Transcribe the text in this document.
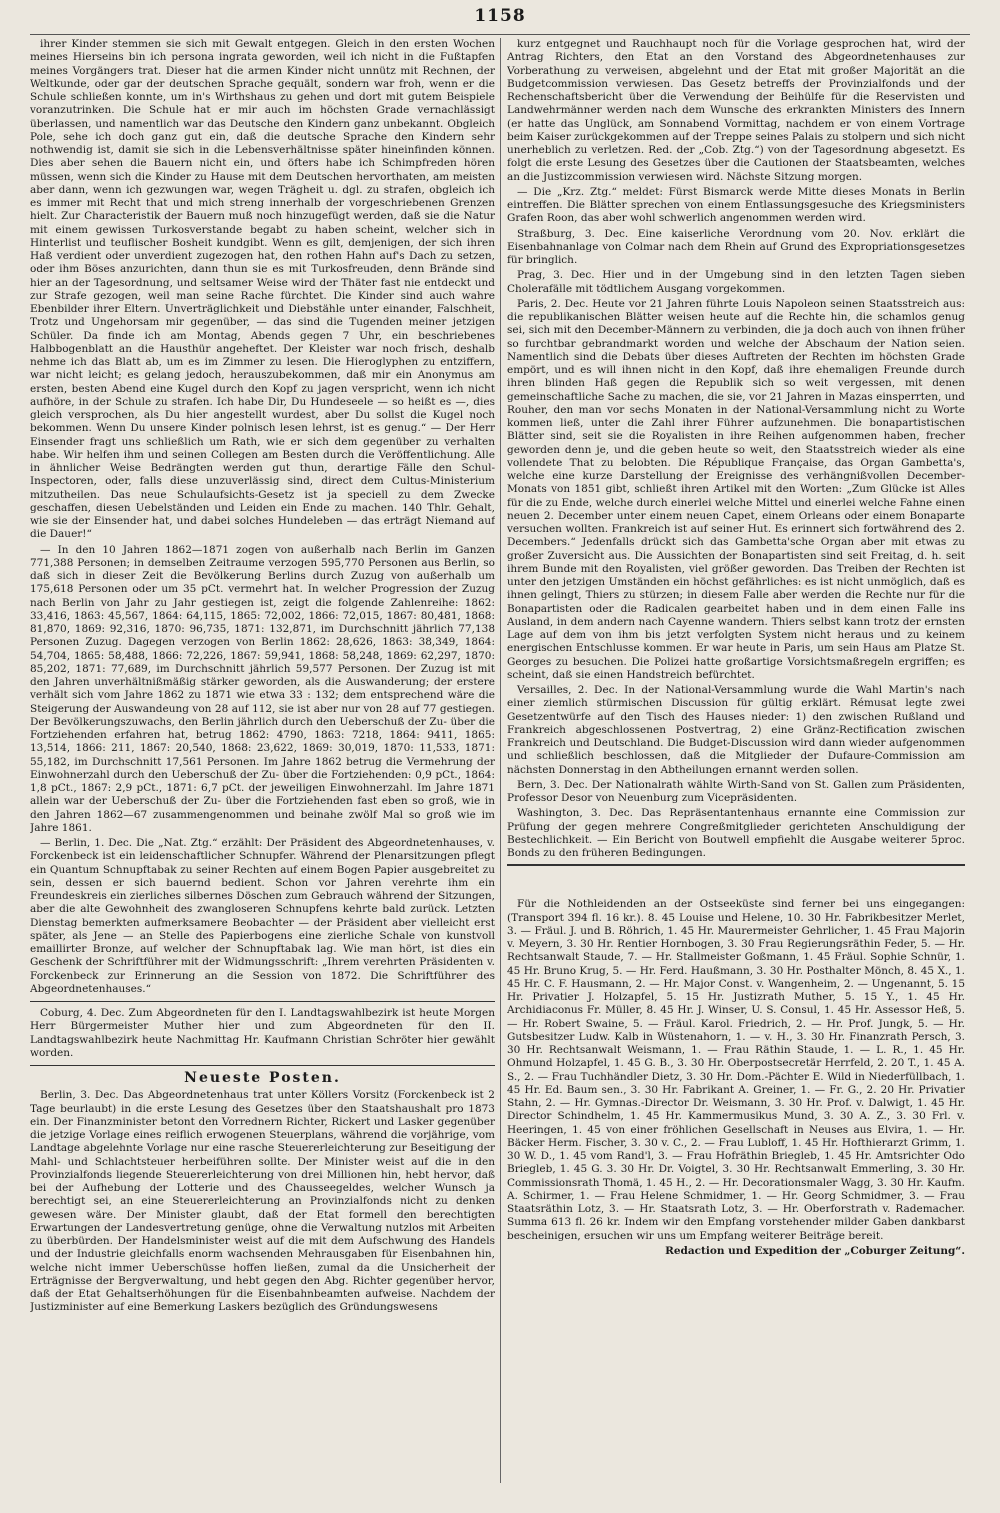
1158

ihrer Kinder stemmen sie sich mit Gewalt entgegen. Gleich in den ersten Wochen meines Hierseins bin ich persona ingrata geworden, weil ich nicht in die Fußtapfen meines Vorgängers trat. Dieser hat die armen Kinder nicht unnütz mit Rechnen, der Weltkunde, oder gar der deutschen Sprache gequält, sondern war froh, wenn er die Schule schließen konnte, um in's Wirthshaus zu gehen und dort mit gutem Beispiele voranzutrinken. Die Schule hat er mir auch im höchsten Grade vernachlässigt überlassen, und namentlich war das Deutsche den Kindern ganz unbekannt. Obgleich Pole, sehe ich doch ganz gut ein, daß die deutsche Sprache den Kindern sehr nothwendig ist, damit sie sich in die Lebensverhältnisse später hineinfinden können. Dies aber sehen die Bauern nicht ein, und öfters habe ich Schimpfreden hören müssen, wenn sich die Kinder zu Hause mit dem Deutschen hervorthaten, am meisten aber dann, wenn ich gezwungen war, wegen Trägheit u. dgl. zu strafen, obgleich ich es immer mit Recht that und mich streng innerhalb der vorgeschriebenen Grenzen hielt. Zur Characteristik der Bauern muß noch hinzugefügt werden, daß sie die Natur mit einem gewissen Turkosverstande begabt zu haben scheint, welcher sich in Hinterlist und teuflischer Bosheit kundgibt. Wenn es gilt, demjenigen, der sich ihren Haß verdient oder unverdient zugezogen hat, den rothen Hahn auf's Dach zu setzen, oder ihm Böses anzurichten, dann thun sie es mit Turkosfreuden, denn Brände sind hier an der Tagesordnung, und seltsamer Weise wird der Thäter fast nie entdeckt und zur Strafe gezogen, weil man seine Rache fürchtet. Die Kinder sind auch wahre Ebenbilder ihrer Eltern. Unverträglichkeit und Diebstähle unter einander, Falschheit, Trotz und Ungehorsam mir gegenüber, — das sind die Tugenden meiner jetzigen Schüler. Da finde ich am Montag, Abends gegen 7 Uhr, ein beschriebenes Halbbogenblatt an die Hausthür angeheftet. Der Kleister war noch frisch, deshalb nehme ich das Blatt ab, um es im Zimmer zu lesen. Die Hieroglyphen zu entziffern, war nicht leicht; es gelang jedoch, herauszubekommen, daß mir ein Anonymus am ersten, besten Abend eine Kugel durch den Kopf zu jagen verspricht, wenn ich nicht aufhöre, in der Schule zu strafen. Ich habe Dir, Du Hundeseele — so heißt es —, dies gleich versprochen, als Du hier angestellt wurdest, aber Du sollst die Kugel noch bekommen. Wenn Du unsere Kinder polnisch lesen lehrst, ist es genug.“ — Der Herr Einsender fragt uns schließlich um Rath, wie er sich dem gegenüber zu verhalten habe. Wir helfen ihm und seinen Collegen am Besten durch die Veröffentlichung. Alle in ähnlicher Weise Bedrängten werden gut thun, derartige Fälle den Schul-Inspectoren, oder, falls diese unzuverlässig sind, direct dem Cultus-Ministerium mitzutheilen. Das neue Schulaufsichts-Gesetz ist ja speciell zu dem Zwecke geschaffen, diesen Uebelständen und Leiden ein Ende zu machen. 140 Thlr. Gehalt, wie sie der Einsender hat, und dabei solches Hundeleben — das erträgt Niemand auf die Dauer!“

— In den 10 Jahren 1862—1871 zogen von außerhalb nach Berlin im Ganzen 771,388 Personen; in demselben Zeitraume verzogen 595,770 Personen aus Berlin, so daß sich in dieser Zeit die Bevölkerung Berlins durch Zuzug von außerhalb um 175,618 Personen oder um 35 pCt. vermehrt hat. In welcher Progression der Zuzug nach Berlin von Jahr zu Jahr gestiegen ist, zeigt die folgende Zahlenreihe: 1862: 33,416, 1863: 45,567, 1864: 64,115, 1865: 72,002, 1866: 72,015, 1867: 80,481, 1868: 81,870, 1869: 92,316, 1870: 96,735, 1871: 132,871, im Durchschnitt jährlich 77,138 Personen Zuzug. Dagegen verzogen von Berlin 1862: 28,626, 1863: 38,349, 1864: 54,704, 1865: 58,488, 1866: 72,226, 1867: 59,941, 1868: 58,248, 1869: 62,297, 1870: 85,202, 1871: 77,689, im Durchschnitt jährlich 59,577 Personen. Der Zuzug ist mit den Jahren unverhältnißmäßig stärker geworden, als die Auswanderung; der erstere verhält sich vom Jahre 1862 zu 1871 wie etwa 33 : 132; dem entsprechend wäre die Steigerung der Auswandeung von 28 auf 112, sie ist aber nur von 28 auf 77 gestiegen. Der Bevölkerungszuwachs, den Berlin jährlich durch den Ueberschuß der Zu- über die Fortziehenden erfahren hat, betrug 1862: 4790, 1863: 7218, 1864: 9411, 1865: 13,514, 1866: 211, 1867: 20,540, 1868: 23,622, 1869: 30,019, 1870: 11,533, 1871: 55,182, im Durchschnitt 17,561 Personen. Im Jahre 1862 betrug die Vermehrung der Einwohnerzahl durch den Ueberschuß der Zu- über die Fortziehenden: 0,9 pCt., 1864: 1,8 pCt., 1867: 2,9 pCt., 1871: 6,7 pCt. der jeweiligen Einwohnerzahl. Im Jahre 1871 allein war der Ueberschuß der Zu- über die Fortziehenden fast eben so groß, wie in den Jahren 1862—67 zusammengenommen und beinahe zwölf Mal so groß wie im Jahre 1861.

— Berlin, 1. Dec. Die „Nat. Ztg.“ erzählt: Der Präsident des Abgeordnetenhauses, v. Forckenbeck ist ein leidenschaftlicher Schnupfer. Während der Plenarsitzungen pflegt ein Quantum Schnupftabak zu seiner Rechten auf einem Bogen Papier ausgebreitet zu sein, dessen er sich bauernd bedient. Schon vor Jahren verehrte ihm ein Freundeskreis ein zierliches silbernes Döschen zum Gebrauch während der Sitzungen, aber die alte Gewohnheit des zwangloseren Schnupfens kehrte bald zurück. Letzten Dienstag bemerkten aufmerksamere Beobachter — der Präsident aber vielleicht erst später, als Jene — an Stelle des Papierbogens eine zierliche Schale von kunstvoll emaillirter Bronze, auf welcher der Schnupftabak lag. Wie man hört, ist dies ein Geschenk der Schriftführer mit der Widmungsschrift: „Ihrem verehrten Präsidenten v. Forckenbeck zur Erinnerung an die Session von 1872. Die Schriftführer des Abgeordnetenhauses.“

Coburg, 4. Dec. Zum Abgeordneten für den I. Landtagswahlbezirk ist heute Morgen Herr Bürgermeister Muther hier und zum Abgeordneten für den II. Landtagswahlbezirk heute Nachmittag Hr. Kaufmann Christian Schröter hier gewählt worden.

Neueste Posten.

Berlin, 3. Dec. Das Abgeordnetenhaus trat unter Köllers Vorsitz (Forckenbeck ist 2 Tage beurlaubt) in die erste Lesung des Gesetzes über den Staatshaushalt pro 1873 ein. Der Finanzminister betont den Vorrednern Richter, Rickert und Lasker gegenüber die jetzige Vorlage eines reiflich erwogenen Steuerplans, während die vorjährige, vom Landtage abgelehnte Vorlage nur eine rasche Steuererleichterung zur Beseitigung der Mahl- und Schlachtsteuer herbeiführen sollte. Der Minister weist auf die in den Provinzialfonds liegende Steuererleichterung von drei Millionen hin, hebt hervor, daß bei der Aufhebung der Lotterie und des Chausseegeldes, welcher Wunsch ja berechtigt sei, an eine Steuererleichterung an Provinzialfonds nicht zu denken gewesen wäre. Der Minister glaubt, daß der Etat formell den berechtigten Erwartungen der Landesvertretung genüge, ohne die Verwaltung nutzlos mit Arbeiten zu überbürden. Der Handelsminister weist auf die mit dem Aufschwung des Handels und der Industrie gleichfalls enorm wachsenden Mehrausgaben für Eisenbahnen hin, welche nicht immer Ueberschüsse hoffen ließen, zumal da die Unsicherheit der Erträgnisse der Bergverwaltung, und hebt gegen den Abg. Richter gegenüber hervor, daß der Etat Gehaltserhöhungen für die Eisenbahnbeamten aufweise. Nachdem der Justizminister auf eine Bemerkung Laskers bezüglich des Gründungswesens

kurz entgegnet und Rauchhaupt noch für die Vorlage gesprochen hat, wird der Antrag Richters, den Etat an den Vorstand des Abgeordnetenhauses zur Vorberathung zu verweisen, abgelehnt und der Etat mit großer Majorität an die Budgetcommission verwiesen. Das Gesetz betreffs der Provinzialfonds und der Rechenschaftsbericht über die Verwendung der Beihülfe für die Reservisten und Landwehrmänner werden nach dem Wunsche des erkrankten Ministers des Innern (er hatte das Unglück, am Sonnabend Vormittag, nachdem er von einem Vortrage beim Kaiser zurückgekommen auf der Treppe seines Palais zu stolpern und sich nicht unerheblich zu verletzen. Red. der „Cob. Ztg.“) von der Tagesordnung abgesetzt. Es folgt die erste Lesung des Gesetzes über die Cautionen der Staatsbeamten, welches an die Justizcommission verwiesen wird. Nächste Sitzung morgen.

— Die „Krz. Ztg.“ meldet: Fürst Bismarck werde Mitte dieses Monats in Berlin eintreffen. Die Blätter sprechen von einem Entlassungsgesuche des Kriegsministers Grafen Roon, das aber wohl schwerlich angenommen werden wird.

Straßburg, 3. Dec. Eine kaiserliche Verordnung vom 20. Nov. erklärt die Eisenbahnanlage von Colmar nach dem Rhein auf Grund des Expropriationsgesetzes für bringlich.

Prag, 3. Dec. Hier und in der Umgebung sind in den letzten Tagen sieben Cholerafälle mit tödtlichem Ausgang vorgekommen.

Paris, 2. Dec. Heute vor 21 Jahren führte Louis Napoleon seinen Staatsstreich aus: die republikanischen Blätter weisen heute auf die Rechte hin, die schamlos genug sei, sich mit den December-Männern zu verbinden, die ja doch auch von ihnen früher so furchtbar gebrandmarkt worden und welche der Abschaum der Nation seien. Namentlich sind die Debats über dieses Auftreten der Rechten im höchsten Grade empört, und es will ihnen nicht in den Kopf, daß ihre ehemaligen Freunde durch ihren blinden Haß gegen die Republik sich so weit vergessen, mit denen gemeinschaftliche Sache zu machen, die sie, vor 21 Jahren in Mazas einsperrten, und Rouher, den man vor sechs Monaten in der National-Versammlung nicht zu Worte kommen ließ, unter die Zahl ihrer Führer aufzunehmen. Die bonapartistischen Blätter sind, seit sie die Royalisten in ihre Reihen aufgenommen haben, frecher geworden denn je, und die geben heute so weit, den Staatsstreich wieder als eine vollendete That zu belobten. Die République Française, das Organ Gambetta's, welche eine kurze Darstellung der Ereignisse des verhängnißvollen December-Monats von 1851 gibt, schließt ihren Artikel mit den Worten: „Zum Glücke ist Alles für die zu Ende, welche durch einerlei welche Mittel und einerlei welche Fahne einen neuen 2. December unter einem neuen Capet, einem Orleans oder einem Bonaparte versuchen wollten. Frankreich ist auf seiner Hut. Es erinnert sich fortwährend des 2. Decembers.“ Jedenfalls drückt sich das Gambetta'sche Organ aber mit etwas zu großer Zuversicht aus. Die Aussichten der Bonapartisten sind seit Freitag, d. h. seit ihrem Bunde mit den Royalisten, viel größer geworden. Das Treiben der Rechten ist unter den jetzigen Umständen ein höchst gefährliches: es ist nicht unmöglich, daß es ihnen gelingt, Thiers zu stürzen; in diesem Falle aber werden die Rechte nur für die Bonapartisten oder die Radicalen gearbeitet haben und in dem einen Falle ins Ausland, in dem andern nach Cayenne wandern. Thiers selbst kann trotz der ernsten Lage auf dem von ihm bis jetzt verfolgten System nicht heraus und zu keinem energischen Entschlusse kommen. Er war heute in Paris, um sein Haus am Platze St. Georges zu besuchen. Die Polizei hatte großartige Vorsichtsmaßregeln ergriffen; es scheint, daß sie einen Handstreich befürchtet.

Versailles, 2. Dec. In der National-Versammlung wurde die Wahl Martin's nach einer ziemlich stürmischen Discussion für gültig erklärt. Rémusat legte zwei Gesetzentwürfe auf den Tisch des Hauses nieder: 1) den zwischen Rußland und Frankreich abgeschlossenen Postvertrag, 2) eine Gränz-Rectification zwischen Frankreich und Deutschland. Die Budget-Discussion wird dann wieder aufgenommen und schließlich beschlossen, daß die Mitglieder der Dufaure-Commission am nächsten Donnerstag in den Abtheilungen ernannt werden sollen.

Bern, 3. Dec. Der Nationalrath wählte Wirth-Sand von St. Gallen zum Präsidenten, Professor Desor von Neuenburg zum Vicepräsidenten.

Washington, 3. Dec. Das Repräsentantenhaus ernannte eine Commission zur Prüfung der gegen mehrere Congreßmitglieder gerichteten Anschuldigung der Bestechlichkeit. — Ein Bericht von Boutwell empfiehlt die Ausgabe weiterer 5proc. Bonds zu den früheren Bedingungen.

Für die Nothleidenden an der Ostseeküste sind ferner bei uns eingegangen: (Transport 394 fl. 16 kr.). 8. 45 Louise und Helene, 10. 30 Hr. Fabrikbesitzer Merlet, 3. — Fräul. J. und B. Röhrich, 1. 45 Hr. Maurermeister Gehrlicher, 1. 45 Frau Majorin v. Meyern, 3. 30 Hr. Rentier Hornbogen, 3. 30 Frau Regierungsräthin Feder, 5. — Hr. Rechtsanwalt Staude, 7. — Hr. Stallmeister Goßmann, 1. 45 Fräul. Sophie Schnür, 1. 45 Hr. Bruno Krug, 5. — Hr. Ferd. Haußmann, 3. 30 Hr. Posthalter Mönch, 8. 45 X., 1. 45 Hr. C. F. Hausmann, 2. — Hr. Major Const. v. Wangenheim, 2. — Ungenannt, 5. 15 Hr. Privatier J. Holzapfel, 5. 15 Hr. Justizrath Muther, 5. 15 Y., 1. 45 Hr. Archidiaconus Fr. Müller, 8. 45 Hr. J. Winser, U. S. Consul, 1. 45 Hr. Assessor Heß, 5. — Hr. Robert Swaine, 5. — Fräul. Karol. Friedrich, 2. — Hr. Prof. Jungk, 5. — Hr. Gutsbesitzer Ludw. Kalb in Wüstenahorn, 1. — v. H., 3. 30 Hr. Finanzrath Persch, 3. 30 Hr. Rechtsanwalt Weismann, 1. — Frau Räthin Staude, 1. — L. R., 1. 45 Hr. Ohmund Holzapfel, 1. 45 G. B., 3. 30 Hr. Oberpostsecretär Herrfeld, 2. 20 T., 1. 45 A. S., 2. — Frau Tuchhändler Dietz, 3. 30 Hr. Dom.-Pächter E. Wild in Niederfüllbach, 1. 45 Hr. Ed. Baum sen., 3. 30 Hr. Fabrikant A. Greiner, 1. — Fr. G., 2. 20 Hr. Privatier Stahn, 2. — Hr. Gymnas.-Director Dr. Weismann, 3. 30 Hr. Prof. v. Dalwigt, 1. 45 Hr. Director Schindhelm, 1. 45 Hr. Kammermusikus Mund, 3. 30 A. Z., 3. 30 Frl. v. Heeringen, 1. 45 von einer fröhlichen Gesellschaft in Neuses aus Elvira, 1. — Hr. Bäcker Herm. Fischer, 3. 30 v. C., 2. — Frau Lubloff, 1. 45 Hr. Hofthierarzt Grimm, 1. 30 W. D., 1. 45 vom Rand'l, 3. — Frau Hofräthin Briegleb, 1. 45 Hr. Amtsrichter Odo Briegleb, 1. 45 G. 3. 30 Hr. Dr. Voigtel, 3. 30 Hr. Rechtsanwalt Emmerling, 3. 30 Hr. Commissionsrath Thomä, 1. 45 H., 2. — Hr. Decorationsmaler Wagg, 3. 30 Hr. Kaufm. A. Schirmer, 1. — Frau Helene Schmidmer, 1. — Hr. Georg Schmidmer, 3. — Frau Staatsräthin Lotz, 3. — Hr. Staatsrath Lotz, 3. — Hr. Oberforstrath v. Rademacher. Summa 613 fl. 26 kr. Indem wir den Empfang vorstehender milder Gaben dankbarst bescheinigen, ersuchen wir uns um Empfang weiterer Beiträge bereit.

Redaction und Expedition der „Coburger Zeitung“.
